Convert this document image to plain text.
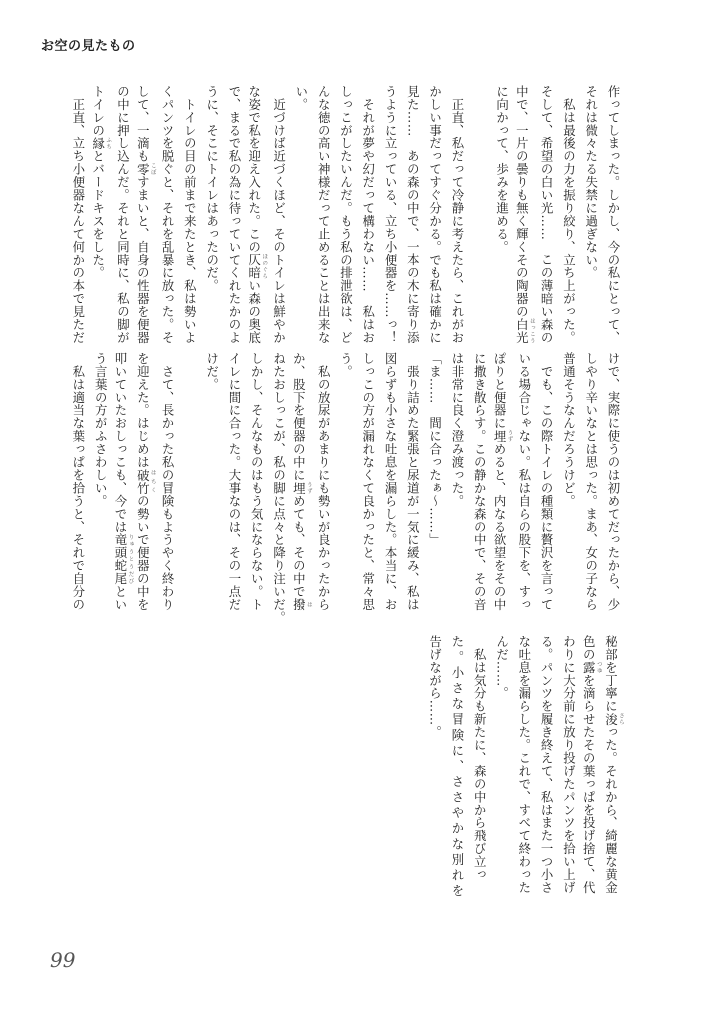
お空の見たもの
作ってしまった。しかし、今の私にとって、
それは微々たる失禁に過ぎない。
　私は最後の力を振り絞り、立ち上がった。
そして、希望の白い光……　この薄暗い森の
中で、一片の曇りも無く輝くその陶器の白光 はっこう
に向かって、歩みを進める。
　正直、私だって冷静に考えたら、これがお
かしい事だってすぐ分かる。でも私は確かに
見た……　あの森の中で、一本の木に寄り添
うように立っている、立ち小便器を……っ！
　それが夢や幻だって構わない……　私はお
しっこがしたいんだ。もう私の排泄欲は、ど
んな徳の高い神様だって止めることは出来な
い。
　近づけば近づくほど、そのトイレは鮮やか
な姿で私を迎え入れた。この仄暗 ほのぐらい森の奥底
で、まるで私の為に待っていてくれたかのよ
うに、そこにトイレはあったのだ。
　トイレの目の前まで来たとき、私は勢いよ
くパンツを脱ぐと、それを乱暴に放った。そ
して、一滴も零 こぼすまいと、自身の性器を便器
の中に押し込んだ。それと同時に、私の脚が
トイレの縁 ふちとバードキスをした。
　正直、立ち小便器なんて何かの本で見ただ
けで、実際に使うのは初めてだったから、少
しやり辛いなとは思った。まあ、女の子なら
普通そうなんだろうけど。
　でも、この際トイレの種類に贅沢を言って
いる場合じゃない。私は自らの股下を、すっ
ぽりと便器に埋 うずめると、内なる欲望をその中
に撒き散らす。この静かな森の中で、その音
は非常に良く澄み渡った。
「ま……　間に合ったぁ～……」
　張り詰めた緊張と尿道が一気に緩み、私は
図らずも小さな吐息を漏らした。本当に、お
しっこの方が漏れなくて良かったと、常々思
う。
　私の放尿があまりにも勢いが良かったから
か、股下を便器の中に埋 うずめても、その中で撥 は
ねたおしっこが、私の脚に点々と降り注いだ。
しかし、そんなものはもう気にならない。ト
イレに間に合った。大事なのは、その一点だ
けだ。
　さて、長かった私の冒険もようやく終わり
を迎えた。はじめは破竹 はちくの勢いで便器の中を
叩いていたおしっこも、今では竜頭蛇尾 りゅうとうだびとい
う言葉の方がふさわしい。
　私は適当な葉っぱを拾うと、それで自分の
秘部を丁寧に浚 さらった。それから、綺麗な黄金
色の露 つゆを滴らせたその葉っぱを投げ捨て、代
わりに大分前に放り投げたパンツを拾い上げ
る。パンツを履き終えて、私はまた一つ小さ
な吐息を漏らした。これで、すべて終わった
んだ……。
　私は気分も新たに、森の中から飛び立っ
た。小さな冒険に、ささやかな別れを
告げながら……。
99
